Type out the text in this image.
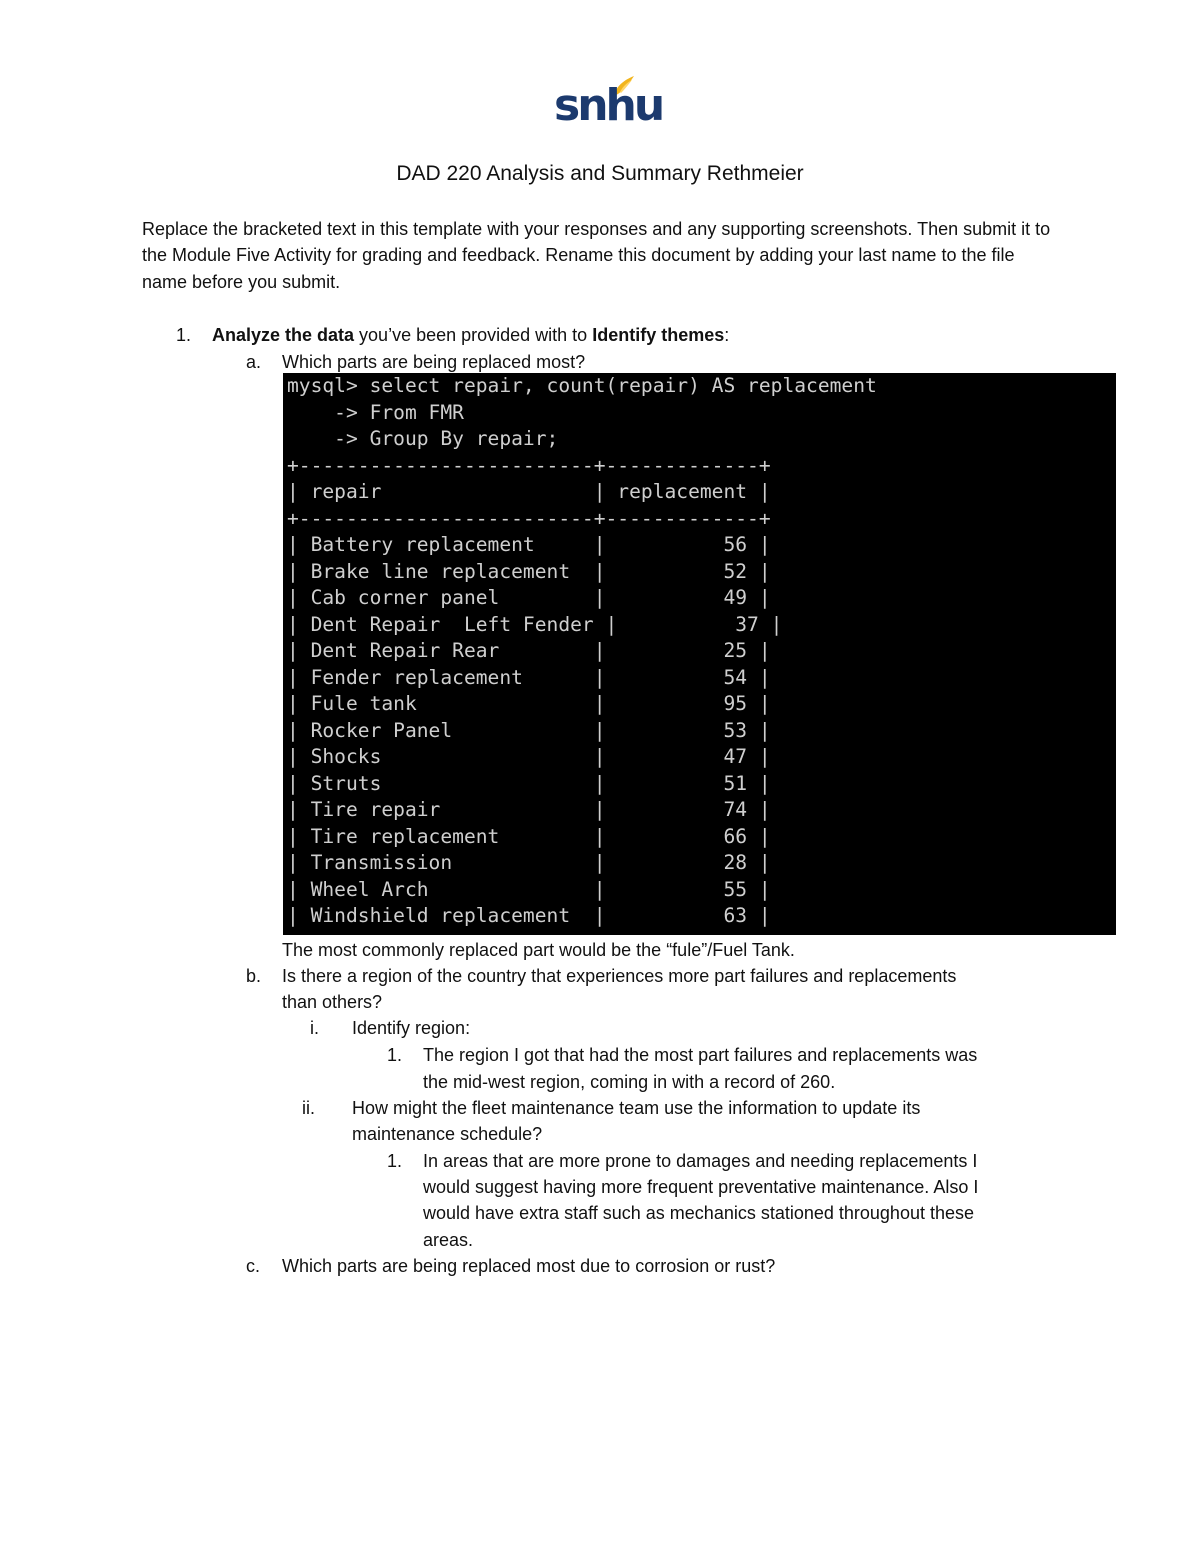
snhu
DAD 220 Analysis and Summary Rethmeier
Replace the bracketed text in this template with your responses and any supporting screenshots. Then submit it to the Module Five Activity for grading and feedback. Rename this document by adding your last name to the file name before you submit.
1. Analyze the data you’ve been provided with to Identify themes:
a. Which parts are being replaced most?
mysql> select repair, count(repair) AS replacement
-> From FMR
-> Group By repair;
+-------------------------+-------------+
| repair                  | replacement |
+-------------------------+-------------+
| Battery replacement     |          56 |
| Brake line replacement  |          52 |
| Cab corner panel        |          49 |
| Dent Repair  Left Fender |          37 |
| Dent Repair Rear        |          25 |
| Fender replacement      |          54 |
| Fule tank               |          95 |
| Rocker Panel            |          53 |
| Shocks                  |          47 |
| Struts                  |          51 |
| Tire repair             |          74 |
| Tire replacement        |          66 |
| Transmission            |          28 |
| Wheel Arch              |          55 |
| Windshield replacement  |          63 |
The most commonly replaced part would be the “fule”/Fuel Tank.
b. Is there a region of the country that experiences more part failures and replacements
than others?
i. Identify region:
1. The region I got that had the most part failures and replacements was
the mid-west region, coming in with a record of 260.
ii. How might the fleet maintenance team use the information to update its
maintenance schedule?
1. In areas that are more prone to damages and needing replacements I
would suggest having more frequent preventative maintenance. Also I
would have extra staff such as mechanics stationed throughout these
areas.
c. Which parts are being replaced most due to corrosion or rust?
